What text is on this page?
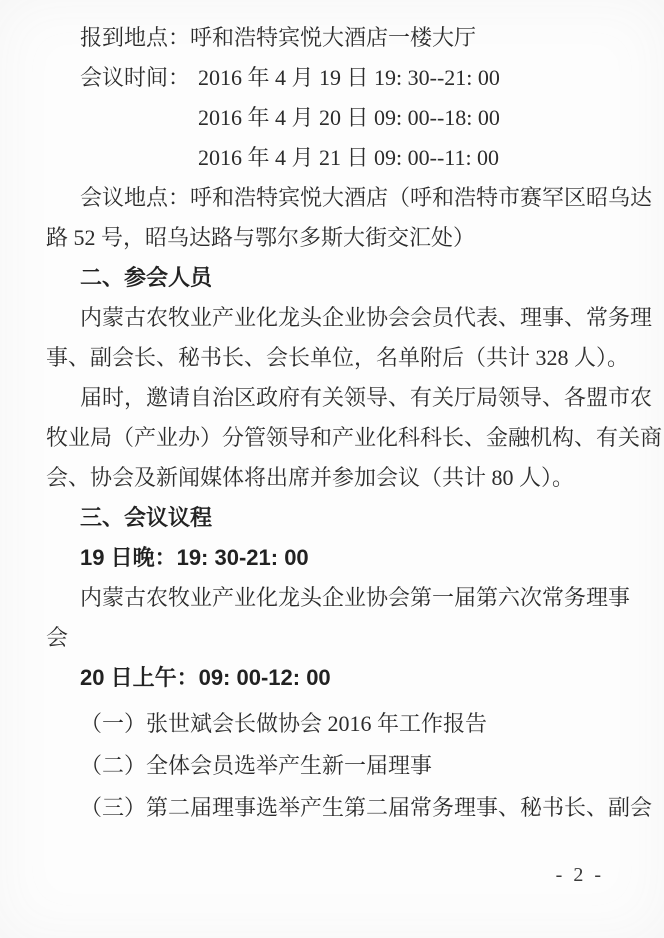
报到地点：呼和浩特宾悦大酒店一楼大厅
会议时间： 2016 年 4 月 19 日 19: 30--21: 00
2016 年 4 月 20 日 09: 00--18: 00
2016 年 4 月 21 日 09: 00--11: 00
会议地点：呼和浩特宾悦大酒店（呼和浩特市赛罕区昭乌达
路 52 号，昭乌达路与鄂尔多斯大街交汇处）
二、参会人员
内蒙古农牧业产业化龙头企业协会会员代表、理事、常务理
事、副会长、秘书长、会长单位，名单附后（共计 328 人）。
届时，邀请自治区政府有关领导、有关厅局领导、各盟市农
牧业局（产业办）分管领导和产业化科科长、金融机构、有关商
会、协会及新闻媒体将出席并参加会议（共计 80 人）。
三、会议议程
19 日晚：19: 30-21: 00
内蒙古农牧业产业化龙头企业协会第一届第六次常务理事
会
20 日上午：09: 00-12: 00
（一）张世斌会长做协会 2016 年工作报告
（二）全体会员选举产生新一届理事
（三）第二届理事选举产生第二届常务理事、秘书长、副会
- 2 -
